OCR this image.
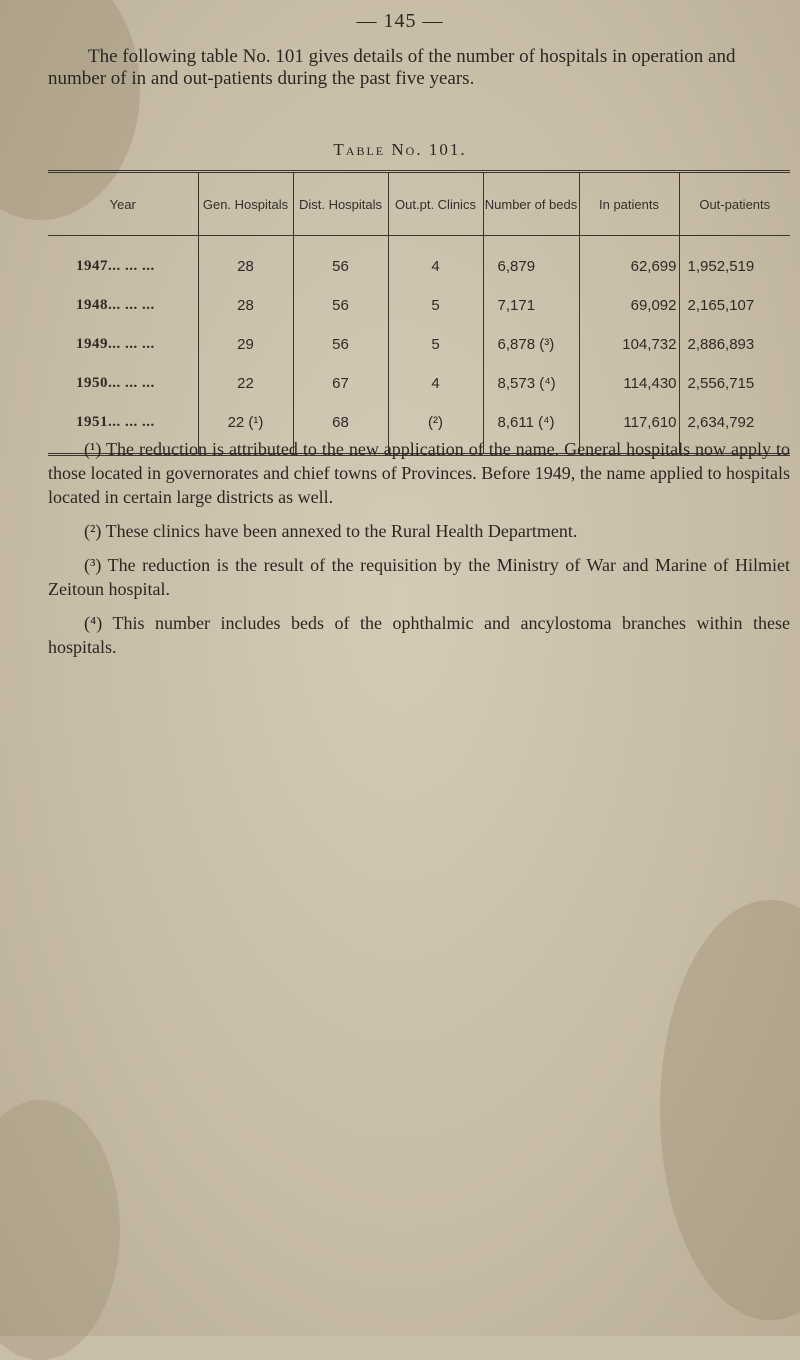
— 145 —
The following table No. 101 gives details of the number of hospitals in operation and number of in and out-patients during the past five years.
Table No. 101.
Year	Gen. Hospitals	Dist. Hospitals	Out.pt. Clinics	Number of beds	In patients	Out-patients
1947... ... ...	28	56	4	6,879	62,699	1,952,519
1948... ... ...	28	56	5	7,171	69,092	2,165,107
1949... ... ...	29	56	5	6,878 (³)	104,732	2,886,893
1950... ... ...	22	67	4	8,573 (⁴)	114,430	2,556,715
1951... ... ...	22 (¹)	68	(²)	8,611 (⁴)	117,610	2,634,792

(¹) The reduction is attributed to the new application of the name. General hospitals now apply to those located in governorates and chief towns of Provinces. Before 1949, the name applied to hospitals located in certain large districts as well.

(²) These clinics have been annexed to the Rural Health Department.

(³) The reduction is the result of the requisition by the Ministry of War and Marine of Hilmiet Zeitoun hospital.

(⁴) This number includes beds of the ophthalmic and ancylostoma branches within these hospitals.
